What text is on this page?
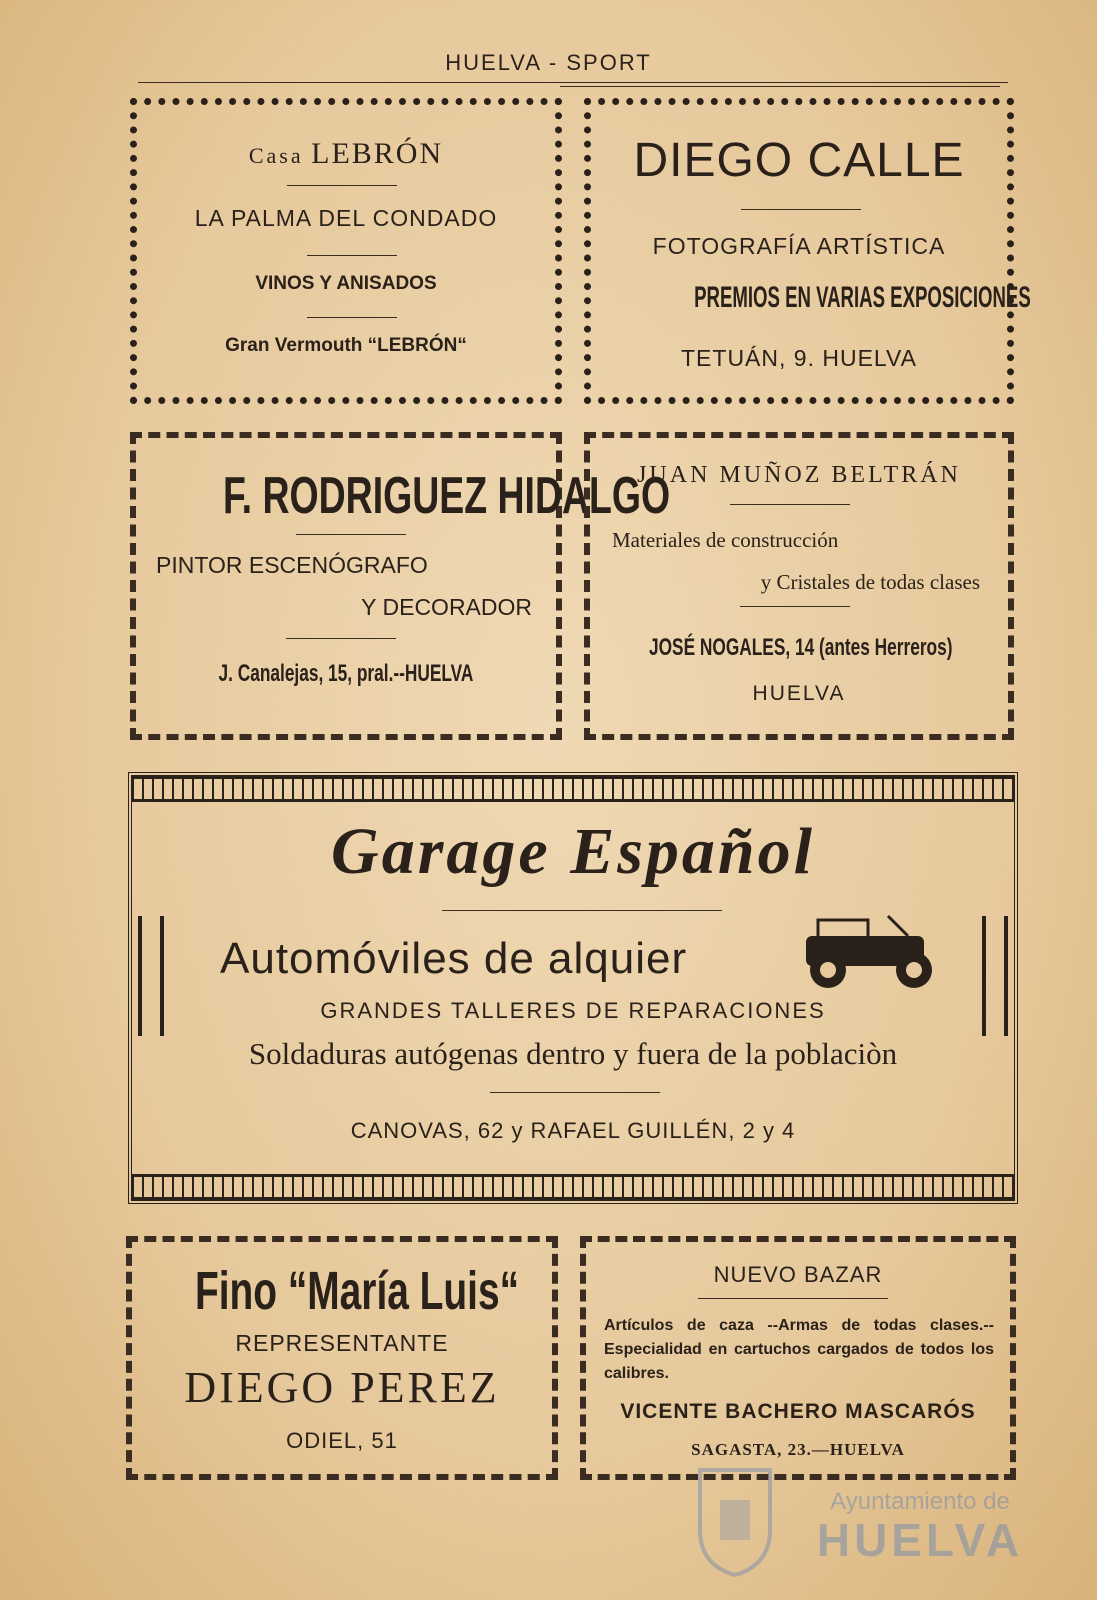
HUELVA - SPORT
Casa LEBRÓN
LA PALMA DEL CONDADO
VINOS Y ANISADOS
Gran Vermouth “LEBRÓN“
DIEGO CALLE
FOTOGRAFÍA ARTÍSTICA
PREMIOS EN VARIAS EXPOSICIONES
TETUÁN, 9. HUELVA
F. RODRIGUEZ HIDALGO
PINTOR ESCENÓGRAFO
Y DECORADOR
J. Canalejas, 15, pral.--HUELVA
JUAN MUÑOZ BELTRÁN
Materiales de construcción
y Cristales de todas clases
JOSÉ NOGALES, 14 (antes Herreros)
HUELVA
Garage Español
Automóviles de alquier
GRANDES TALLERES DE REPARACIONES
Soldaduras autógenas dentro y fuera de la poblaciòn
CANOVAS, 62 y RAFAEL GUILLÉN, 2 y 4
Fino “María Luis“
REPRESENTANTE
DIEGO PEREZ
ODIEL, 51
NUEVO BAZAR
Artículos de caza --Armas de todas clases.--Especialidad en cartuchos cargados de todos los calibres.
VICENTE BACHERO MASCARÓS
SAGASTA, 23.—HUELVA
Ayuntamiento de
HUELVA
